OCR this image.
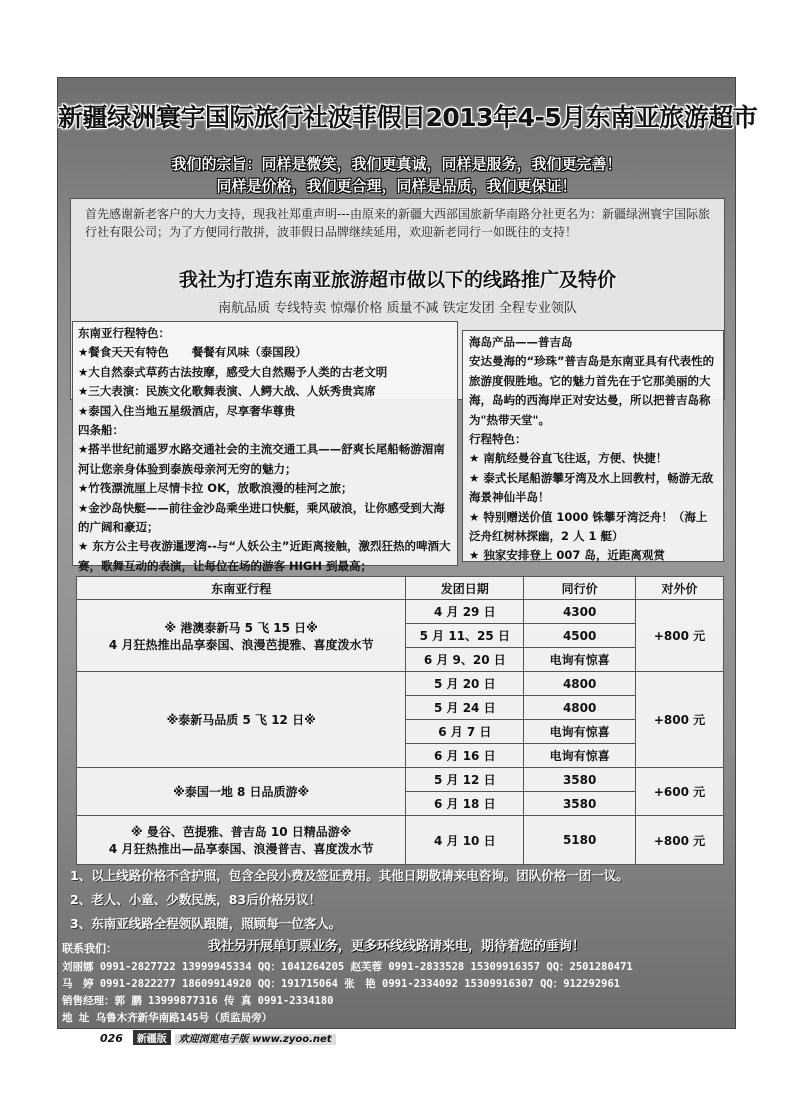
新疆绿洲寰宇国际旅行社波菲假日2013年4-5月东南亚旅游超市
我们的宗旨：同样是微笑，我们更真诚，同样是服务，我们更完善！
同样是价格，我们更合理，同样是品质，我们更保证！
首先感谢新老客户的大力支持，现我社郑重声明---由原来的新疆大西部国旅新华南路分社更名为：新疆绿洲寰宇国际旅行社有限公司；为了方便同行散拼，波菲假日品牌继续延用，欢迎新老同行一如既往的支持！
我社为打造东南亚旅游超市做以下的线路推广及特价
南航品质 专线特卖 惊爆价格 质量不减 铁定发团 全程专业领队
东南亚行程特色：
★餐食天天有特色　　餐餐有风味（泰国段）
★大自然泰式草药古法按摩，感受大自然赐予人类的古老文明
★三大表演：民族文化歌舞表演、人鳄大战、人妖秀贵宾席
★泰国入住当地五星级酒店，尽享奢华尊贵
四条船：
★搭半世纪前遥罗水路交通社会的主流交通工具——舒爽长尾船畅游湄南河让您亲身体验到泰族母亲河无穷的魅力；
★竹筏漂流厘上尽情卡拉 OK，放歌浪漫的桂河之旅；
★金沙岛快艇——前往金沙岛乘坐进口快艇，乘风破浪，让你感受到大海的广阔和豪迈；
★ 东方公主号夜游暹逻湾--与“人妖公主”近距离接触，激烈狂热的啤酒大赛，歌舞互动的表演，让每位在场的游客 HIGH 到最高；
海岛产品——普吉岛
安达曼海的“珍珠”普吉岛是东南亚具有代表性的旅游度假胜地。它的魅力首先在于它那美丽的大海，岛屿的西海岸正对安达曼，所以把普吉岛称为"热带天堂"。
行程特色：
★ 南航经曼谷直飞往返，方便、快捷！
★ 泰式长尾船游攀牙湾及水上回教村，畅游无敌海景神仙半岛！
★ 特别赠送价值 1000 铢攀牙湾泛舟！（海上泛舟红树林探幽，2 人 1 艇）
★ 独家安排登上 007 岛，近距离观赏
东南亚行程	发团日期	同行价	对外价

※ 港澳泰新马 5 飞 15 日※
4 月狂热推出品享泰国、浪漫芭提雅、喜度泼水节	4 月 29 日	4300	+800 元
	5 月 11、25 日	4500	
	6 月 9、20 日	电询有惊喜	

※泰新马品质 5 飞 12 日※	5 月 20 日	4800	+800 元
	5 月 24 日	4800	
	6 月 7 日	电询有惊喜	
	6 月 16 日	电询有惊喜	

※泰国一地 8 日品质游※	5 月 12 日	3580	+600 元
	6 月 18 日	3580	

※ 曼谷、芭提雅、普吉岛 10 日精品游※
4 月狂热推出—品享泰国、浪漫普吉、喜度泼水节	4 月 10 日	5180	+800 元
1、以上线路价格不含护照，包含全段小费及签证费用。其他日期敬请来电咨询。团队价格一团一议。
2、老人、小童、少数民族，83后价格另议！
3、东南亚线路全程领队跟随，照顾每一位客人。
联系我们：	我社另开展单订票业务，更多环线线路请来电，期待着您的垂询！
刘丽娜 0991-2827722 13999945334 QQ：1041264205 赵芙蓉 0991-2833528 15309916357 QQ：2501280471
马　婷 0991-2822277 18609914920 QQ：191715064 张　艳 0991-2334092 15309916307 QQ：912292961
销售经理：郭 鹏 13999877316 传 真 0991-2334180
地 址 乌鲁木齐新华南路145号（质监局旁）
026 新疆版 欢迎浏览电子版 www.zyoo.net
